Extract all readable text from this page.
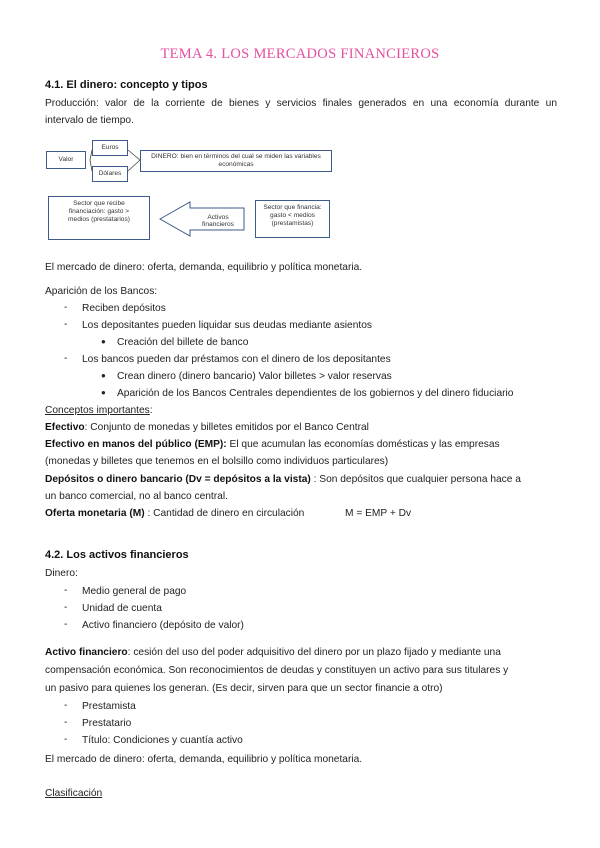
TEMA 4. LOS MERCADOS FINANCIEROS
4.1. El dinero: concepto y tipos
Producción: valor de la corriente de bienes y servicios finales generados en una economía durante un
intervalo de tiempo.
Valor
Euros
Dólares
DINERO: bien en términos del cual se miden las variables económicas
Sector que recibe financiación: gasto > medios (prestatarios)	Activos financieros
Sector que financia: gasto < medios (prestamistas)
El mercado de dinero: oferta, demanda, equilibrio y política monetaria.
Aparición de los Bancos:
- Reciben depósitos
- Los depositantes pueden liquidar sus deudas mediante asientos
● Creación del billete de banco
- Los bancos pueden dar préstamos con el dinero de los depositantes
● Crean dinero (dinero bancario) Valor billetes > valor reservas
● Aparición de los Bancos Centrales dependientes de los gobiernos y del dinero fiduciario
Conceptos importantes:
Efectivo: Conjunto de monedas y billetes emitidos por el Banco Central
Efectivo en manos del público (EMP): El que acumulan las economías domésticas y las empresas
(monedas y billetes que tenemos en el bolsillo como individuos particulares)
Depósitos o dinero bancario (Dv = depósitos a la vista) : Son depósitos que cualquier persona hace a
un banco comercial, no al banco central.
Oferta monetaria (M) : Cantidad de dinero en circulación	M = EMP + Dv
4.2. Los activos financieros
Dinero:
- Medio general de pago
- Unidad de cuenta
- Activo financiero (depósito de valor)
Activo financiero: cesión del uso del poder adquisitivo del dinero por un plazo fijado y mediante una
compensación económica. Son reconocimientos de deudas y constituyen un activo para sus titulares y
un pasivo para quienes los generan. (Es decir, sirven para que un sector financie a otro)
- Prestamista
- Prestatario
- Título: Condiciones y cuantía activo
El mercado de dinero: oferta, demanda, equilibrio y política monetaria.
Clasificación
